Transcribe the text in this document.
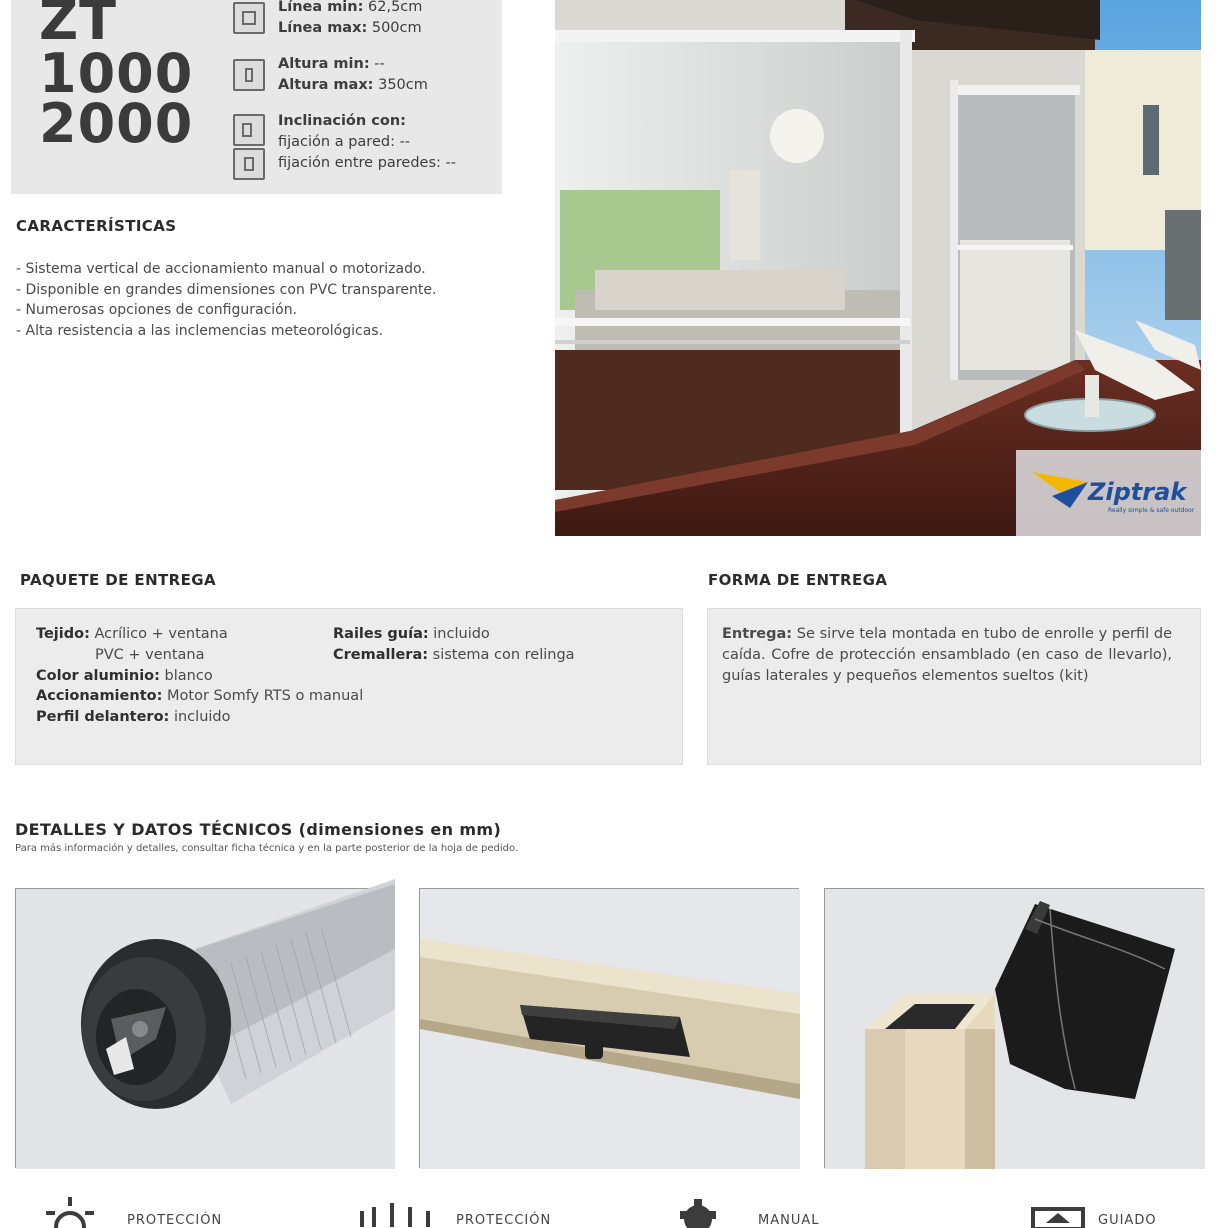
ZT
1000
2000
Línea min: 62,5cm
Línea max: 500cm
Altura min: --
Altura max: 350cm
Inclinación con:
fijación a pared: --
fijación entre paredes: --
CARACTERÍSTICAS
- Sistema vertical de accionamiento manual o motorizado.
- Disponible en grandes dimensiones con PVC transparente.
- Numerosas opciones de configuración.
- Alta resistencia a las inclemencias meteorológicas.
Ziptrak
Really simple & safe outdoor
PAQUETE DE ENTREGA
Tejido: Acrílico + ventana
PVC + ventana
Color aluminio: blanco
Accionamiento: Motor Somfy RTS o manual
Perfil delantero: incluido
Railes guía: incluido
Cremallera: sistema con relinga
FORMA DE ENTREGA
Entrega: Se sirve tela montada en tubo de enrolle y perfil de caída. Cofre de protección ensamblado (en caso de llevarlo), guías laterales y pequeños elementos sueltos (kit)
DETALLES Y DATOS TÉCNICOS (dimensiones en mm)
Para más información y detalles, consultar ficha técnica y en la parte posterior de la hoja de pedido.
PROTECCIÓN	PROTECCIÓN	MANUAL	GUIADO
